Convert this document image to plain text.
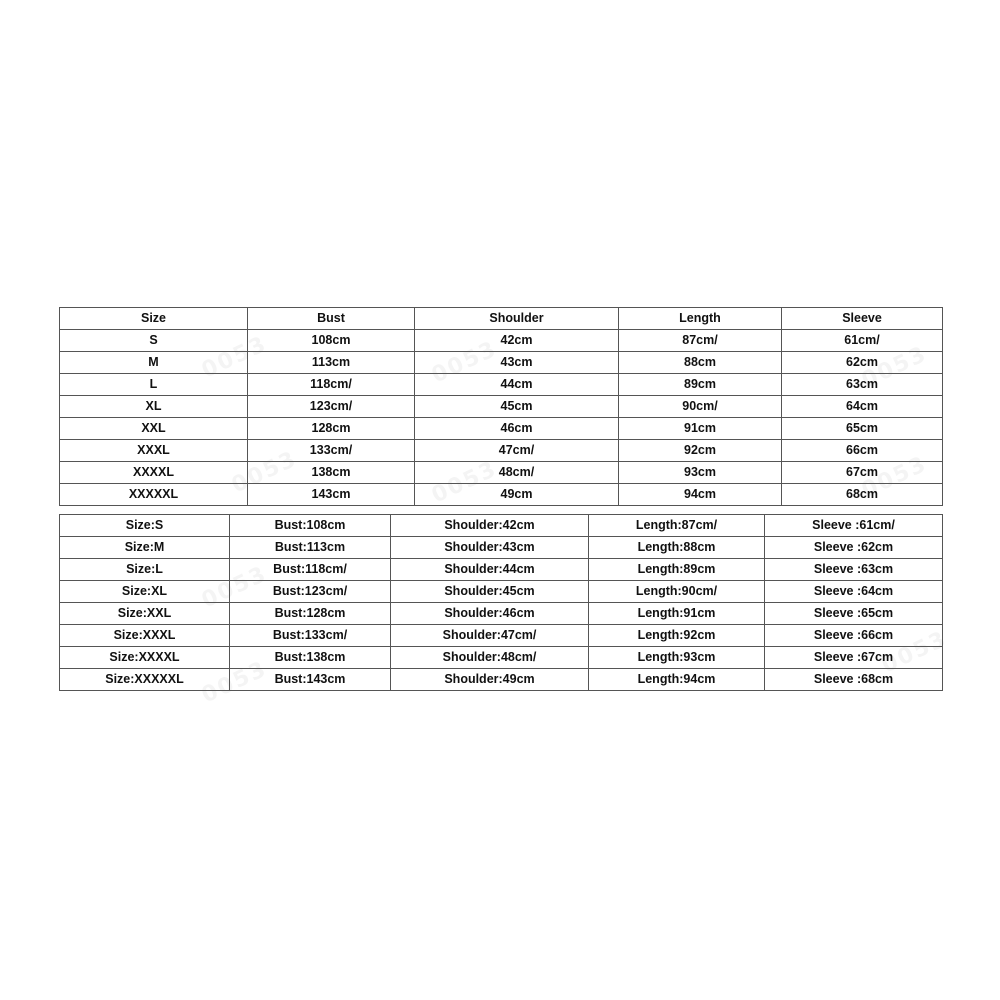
Size	Bust	Shoulder	Length	Sleeve
S	108cm	42cm	87cm/	61cm/
M	113cm	43cm	88cm	62cm
L	118cm/	44cm	89cm	63cm
XL	123cm/	45cm	90cm/	64cm
XXL	128cm	46cm	91cm	65cm
XXXL	133cm/	47cm/	92cm	66cm
XXXXL	138cm	48cm/	93cm	67cm
XXXXXL	143cm	49cm	94cm	68cm
Size:S	Bust:108cm	Shoulder:42cm	Length:87cm/	Sleeve :61cm/
Size:M	Bust:113cm	Shoulder:43cm	Length:88cm	Sleeve :62cm
Size:L	Bust:118cm/	Shoulder:44cm	Length:89cm	Sleeve :63cm
Size:XL	Bust:123cm/	Shoulder:45cm	Length:90cm/	Sleeve :64cm
Size:XXL	Bust:128cm	Shoulder:46cm	Length:91cm	Sleeve :65cm
Size:XXXL	Bust:133cm/	Shoulder:47cm/	Length:92cm	Sleeve :66cm
Size:XXXXL	Bust:138cm	Shoulder:48cm/	Length:93cm	Sleeve :67cm
Size:XXXXXL	Bust:143cm	Shoulder:49cm	Length:94cm	Sleeve :68cm
